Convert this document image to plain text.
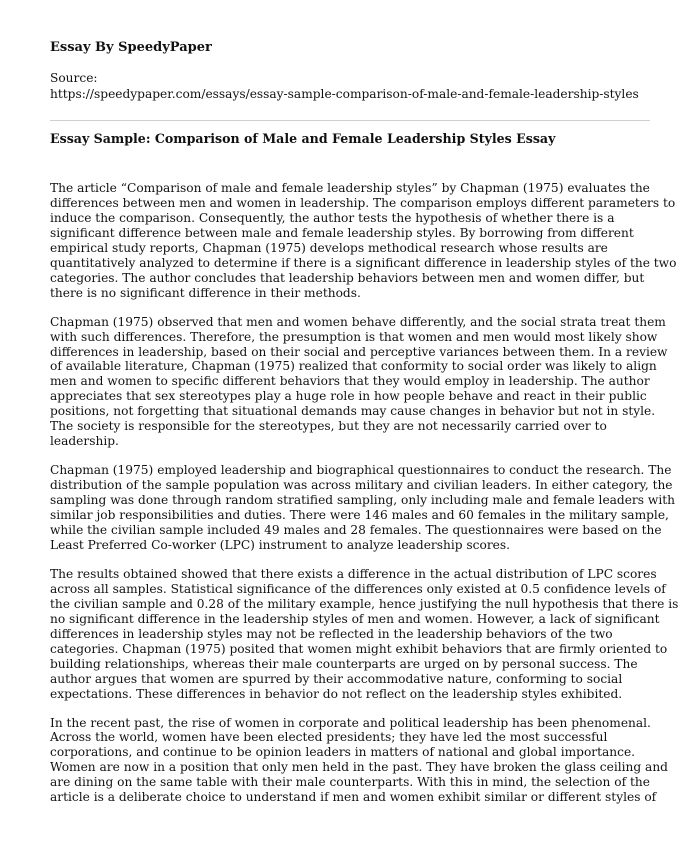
Essay By SpeedyPaper
Source:
https://speedypaper.com/essays/essay-sample-comparison-of-male-and-female-leadership-styles
Essay Sample: Comparison of Male and Female Leadership Styles Essay
The article “Comparison of male and female leadership styles” by Chapman (1975) evaluates the
differences between men and women in leadership. The comparison employs different parameters to
induce the comparison. Consequently, the author tests the hypothesis of whether there is a
significant difference between male and female leadership styles. By borrowing from different
empirical study reports, Chapman (1975) develops methodical research whose results are
quantitatively analyzed to determine if there is a significant difference in leadership styles of the two
categories. The author concludes that leadership behaviors between men and women differ, but
there is no significant difference in their methods.
Chapman (1975) observed that men and women behave differently, and the social strata treat them
with such differences. Therefore, the presumption is that women and men would most likely show
differences in leadership, based on their social and perceptive variances between them. In a review
of available literature, Chapman (1975) realized that conformity to social order was likely to align
men and women to specific different behaviors that they would employ in leadership. The author
appreciates that sex stereotypes play a huge role in how people behave and react in their public
positions, not forgetting that situational demands may cause changes in behavior but not in style.
The society is responsible for the stereotypes, but they are not necessarily carried over to
leadership.
Chapman (1975) employed leadership and biographical questionnaires to conduct the research. The
distribution of the sample population was across military and civilian leaders. In either category, the
sampling was done through random stratified sampling, only including male and female leaders with
similar job responsibilities and duties. There were 146 males and 60 females in the military sample,
while the civilian sample included 49 males and 28 females. The questionnaires were based on the
Least Preferred Co-worker (LPC) instrument to analyze leadership scores.
The results obtained showed that there exists a difference in the actual distribution of LPC scores
across all samples. Statistical significance of the differences only existed at 0.5 confidence levels of
the civilian sample and 0.28 of the military example, hence justifying the null hypothesis that there is
no significant difference in the leadership styles of men and women. However, a lack of significant
differences in leadership styles may not be reflected in the leadership behaviors of the two
categories. Chapman (1975) posited that women might exhibit behaviors that are firmly oriented to
building relationships, whereas their male counterparts are urged on by personal success. The
author argues that women are spurred by their accommodative nature, conforming to social
expectations. These differences in behavior do not reflect on the leadership styles exhibited.
In the recent past, the rise of women in corporate and political leadership has been phenomenal.
Across the world, women have been elected presidents; they have led the most successful
corporations, and continue to be opinion leaders in matters of national and global importance.
Women are now in a position that only men held in the past. They have broken the glass ceiling and
are dining on the same table with their male counterparts. With this in mind, the selection of the
article is a deliberate choice to understand if men and women exhibit similar or different styles of
